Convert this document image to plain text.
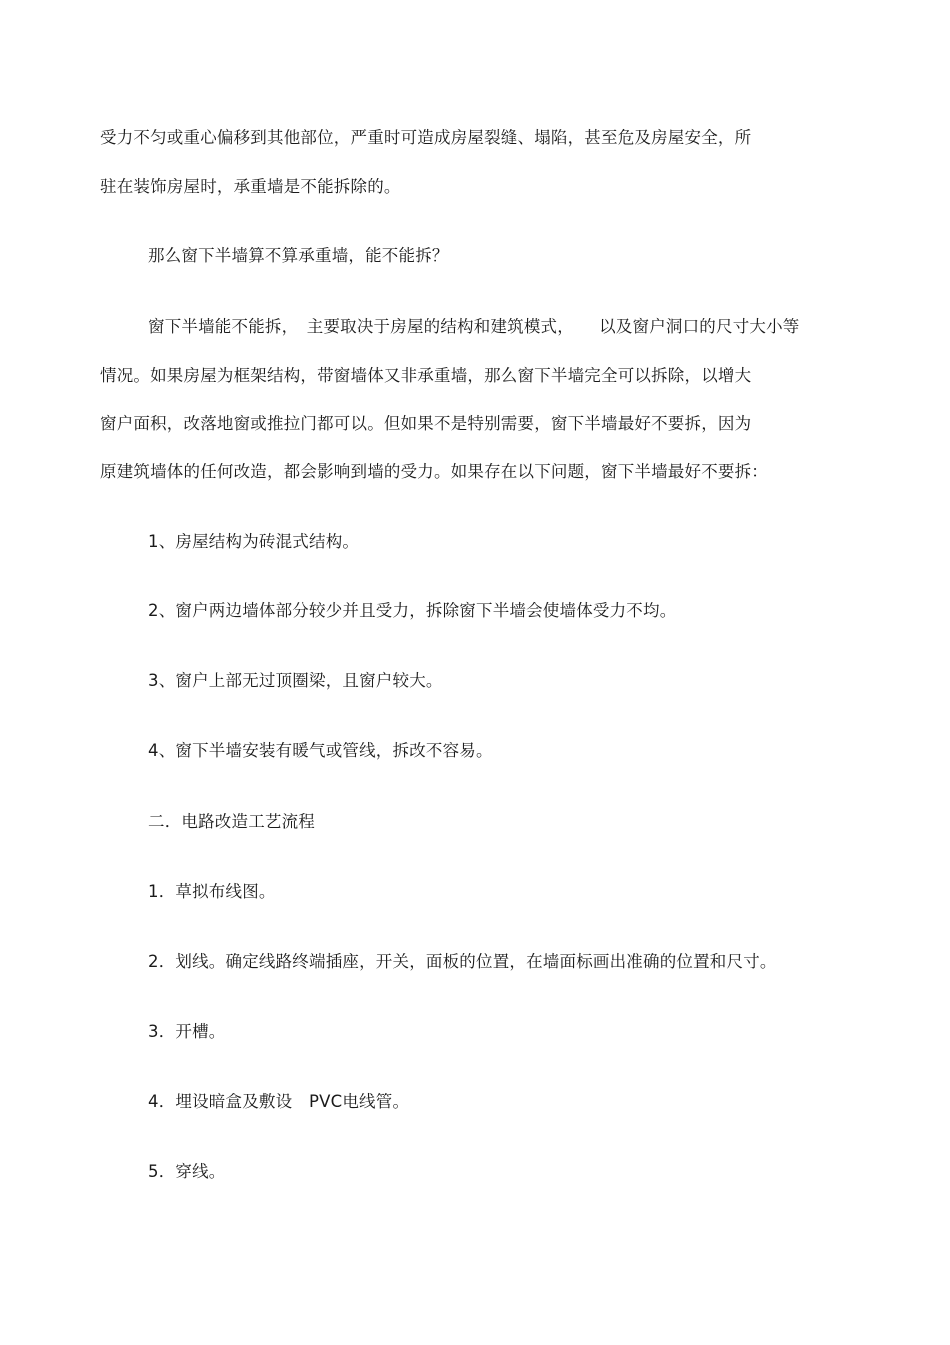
受力不匀或重心偏移到其他部位，严重时可造成房屋裂缝、塌陷，甚至危及房屋安全，所
驻在装饰房屋时，承重墙是不能拆除的。
那么窗下半墙算不算承重墙，能不能拆？
窗下半墙能不能拆，　主要取决于房屋的结构和建筑模式，　　以及窗户洞口的尺寸大小等
情况。如果房屋为框架结构，带窗墙体又非承重墙，那么窗下半墙完全可以拆除，以增大
窗户面积，改落地窗或推拉门都可以。但如果不是特别需要，窗下半墙最好不要拆，因为
原建筑墙体的任何改造，都会影响到墙的受力。如果存在以下问题，窗下半墙最好不要拆：
1、房屋结构为砖混式结构。
2、窗户两边墙体部分较少并且受力，拆除窗下半墙会使墙体受力不均。
3、窗户上部无过顶圈梁，且窗户较大。
4、窗下半墙安装有暖气或管线，拆改不容易。
二．电路改造工艺流程
1．草拟布线图。
2．划线。确定线路终端插座，开关，面板的位置，在墙面标画出准确的位置和尺寸。
3．开槽。
4．埋设暗盒及敷设　PVC电线管。
5．穿线。
